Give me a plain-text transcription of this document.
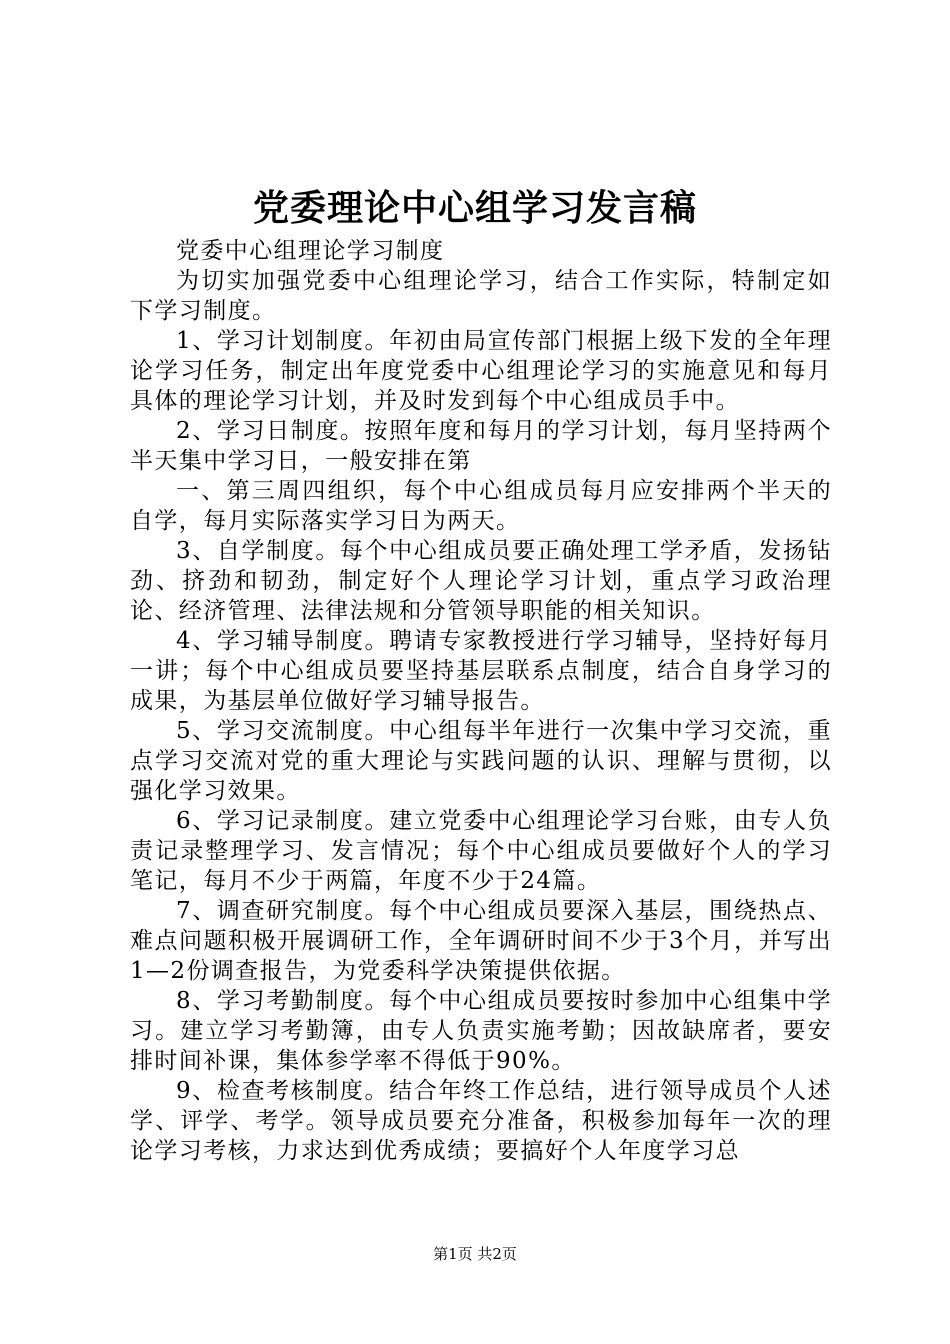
党委理论中心组学习发言稿

党委中心组理论学习制度

为切实加强党委中心组理论学习，结合工作实际，特制定如下学习制度。

1、学习计划制度。年初由局宣传部门根据上级下发的全年理论学习任务，制定出年度党委中心组理论学习的实施意见和每月具体的理论学习计划，并及时发到每个中心组成员手中。

2、学习日制度。按照年度和每月的学习计划，每月坚持两个半天集中学习日，一般安排在第

一、第三周四组织，每个中心组成员每月应安排两个半天的自学，每月实际落实学习日为两天。

3、自学制度。每个中心组成员要正确处理工学矛盾，发扬钻劲、挤劲和韧劲，制定好个人理论学习计划，重点学习政治理论、经济管理、法律法规和分管领导职能的相关知识。

4、学习辅导制度。聘请专家教授进行学习辅导，坚持好每月一讲；每个中心组成员要坚持基层联系点制度，结合自身学习的成果，为基层单位做好学习辅导报告。

5、学习交流制度。中心组每半年进行一次集中学习交流，重点学习交流对党的重大理论与实践问题的认识、理解与贯彻，以强化学习效果。

6、学习记录制度。建立党委中心组理论学习台账，由专人负责记录整理学习、发言情况；每个中心组成员要做好个人的学习笔记，每月不少于两篇，年度不少于24篇。

7、调查研究制度。每个中心组成员要深入基层，围绕热点、难点问题积极开展调研工作，全年调研时间不少于3个月，并写出1—2份调查报告，为党委科学决策提供依据。

8、学习考勤制度。每个中心组成员要按时参加中心组集中学习。建立学习考勤簿，由专人负责实施考勤；因故缺席者，要安排时间补课，集体参学率不得低于90%。

9、检查考核制度。结合年终工作总结，进行领导成员个人述学、评学、考学。领导成员要充分准备，积极参加每年一次的理论学习考核，力求达到优秀成绩；要搞好个人年度学习总

第1页 共2页
